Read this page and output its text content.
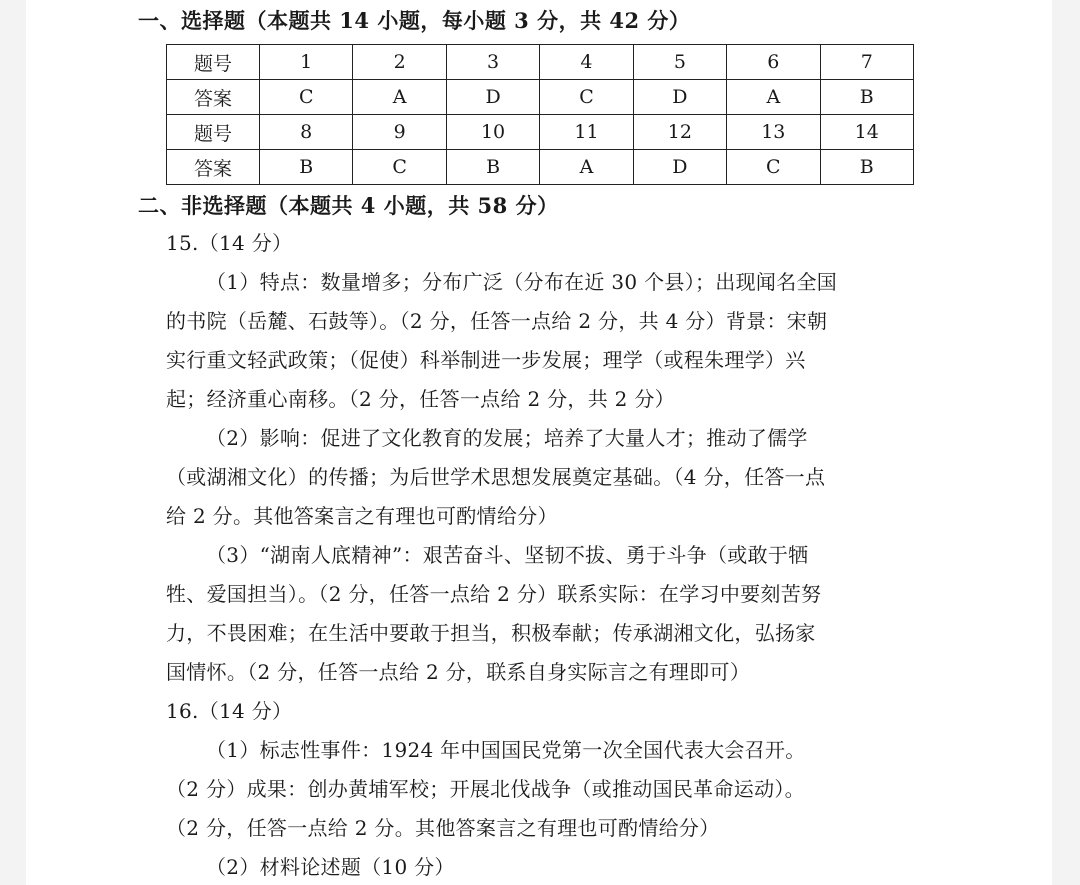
一、选择题（本题共 14 小题，每小题 3 分，共 42 分）
题号	1	2	3	4	5	6	7
答案	C	A	D	C	D	A	B
题号	8	9	10	11	12	13	14
答案	B	C	B	A	D	C	B
二、非选择题（本题共 4 小题，共 58 分）
15.（14 分）
（1）特点：数量增多；分布广泛（分布在近 30 个县）；出现闻名全国
的书院（岳麓、石鼓等）。（2 分，任答一点给 2 分，共 4 分）背景：宋朝
实行重文轻武政策；（促使）科举制进一步发展；理学（或程朱理学）兴
起；经济重心南移。（2 分，任答一点给 2 分，共 2 分）
（2）影响：促进了文化教育的发展；培养了大量人才；推动了儒学
（或湖湘文化）的传播；为后世学术思想发展奠定基础。（4 分，任答一点
给 2 分。其他答案言之有理也可酌情给分）
（3）“湖南人底精神”：艰苦奋斗、坚韧不拔、勇于斗争（或敢于牺
牲、爱国担当）。（2 分，任答一点给 2 分）联系实际：在学习中要刻苦努
力，不畏困难；在生活中要敢于担当，积极奉献；传承湖湘文化，弘扬家
国情怀。（2 分，任答一点给 2 分，联系自身实际言之有理即可）
16.（14 分）
（1）标志性事件：1924 年中国国民党第一次全国代表大会召开。
（2 分）成果：创办黄埔军校；开展北伐战争（或推动国民革命运动）。
（2 分，任答一点给 2 分。其他答案言之有理也可酌情给分）
（2）材料论述题（10 分）
